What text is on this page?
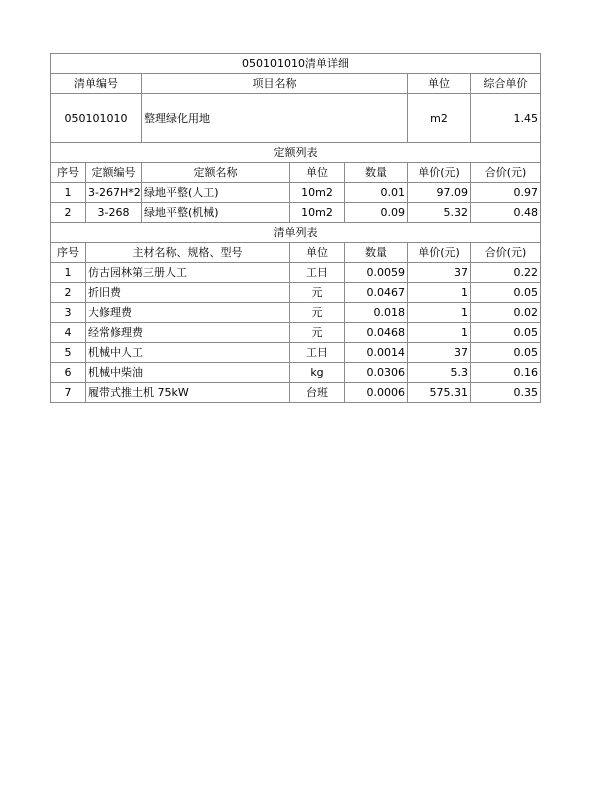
050101010清单详细						
清单编号		项目名称			单位	综合单价
050101010		整理绿化用地			m2	1.45
定额列表						
序号	定额编号	定额名称	单位	数量	单价(元)	合价(元)
1	3-267H*2	绿地平整(人工)	10m2	0.01	97.09	0.97
2	3-268	绿地平整(机械)	10m2	0.09	5.32	0.48
清单列表						
序号	主材名称、规格、型号		单位	数量	单价(元)	合价(元)
1	仿古园林第三册人工		工日	0.0059	37	0.22
2	折旧费		元	0.0467	1	0.05
3	大修理费		元	0.018	1	0.02
4	经常修理费		元	0.0468	1	0.05
5	机械中人工		工日	0.0014	37	0.05
6	机械中柴油		kg	0.0306	5.3	0.16
7	履带式推土机 75kW		台班	0.0006	575.31	0.35
